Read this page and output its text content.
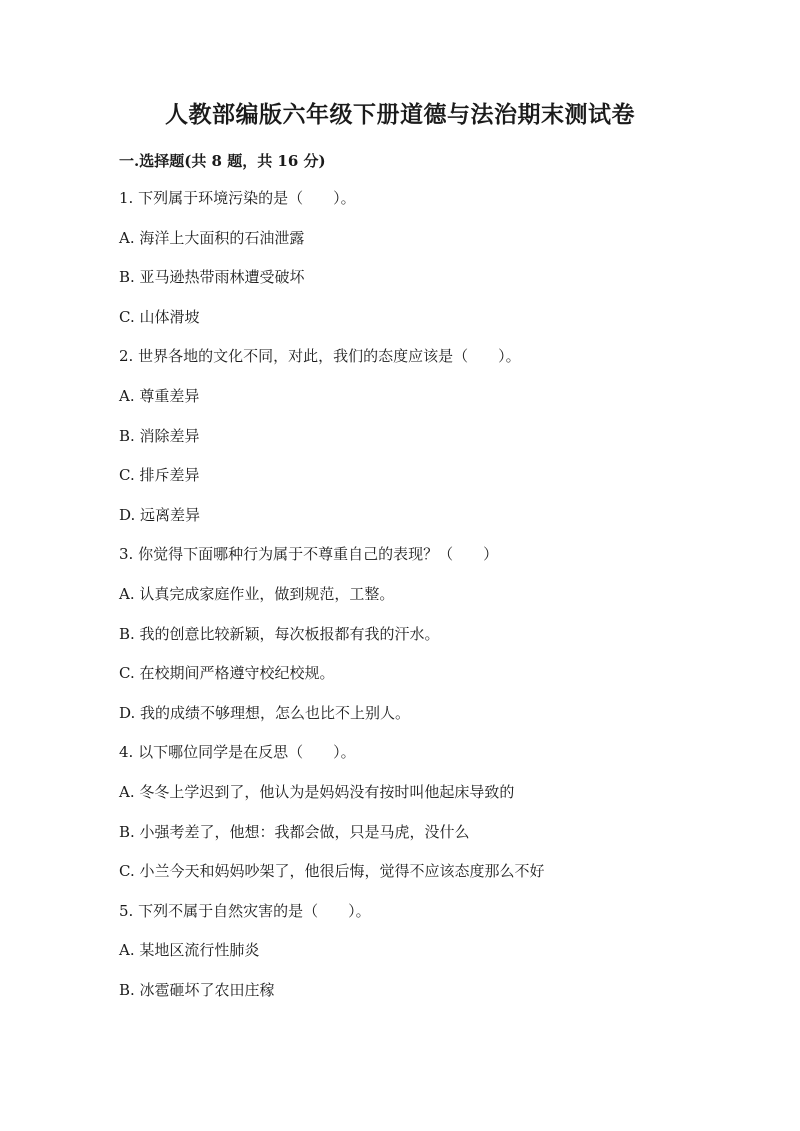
人教部编版六年级下册道德与法治期末测试卷
一.选择题(共 8 题，共 16 分)
1. 下列属于环境污染的是（　　）。
A. 海洋上大面积的石油泄露
B. 亚马逊热带雨林遭受破坏
C. 山体滑坡
2. 世界各地的文化不同，对此，我们的态度应该是（　　）。
A. 尊重差异
B. 消除差异
C. 排斥差异
D. 远离差异
3. 你觉得下面哪种行为属于不尊重自己的表现？（　　）
A. 认真完成家庭作业，做到规范，工整。
B. 我的创意比较新颖，每次板报都有我的汗水。
C. 在校期间严格遵守校纪校规。
D. 我的成绩不够理想，怎么也比不上别人。
4. 以下哪位同学是在反思（　　）。
A. 冬冬上学迟到了，他认为是妈妈没有按时叫他起床导致的
B. 小强考差了，他想：我都会做，只是马虎，没什么
C. 小兰今天和妈妈吵架了，他很后悔，觉得不应该态度那么不好
5. 下列不属于自然灾害的是（　　）。
A. 某地区流行性肺炎
B. 冰雹砸坏了农田庄稼
